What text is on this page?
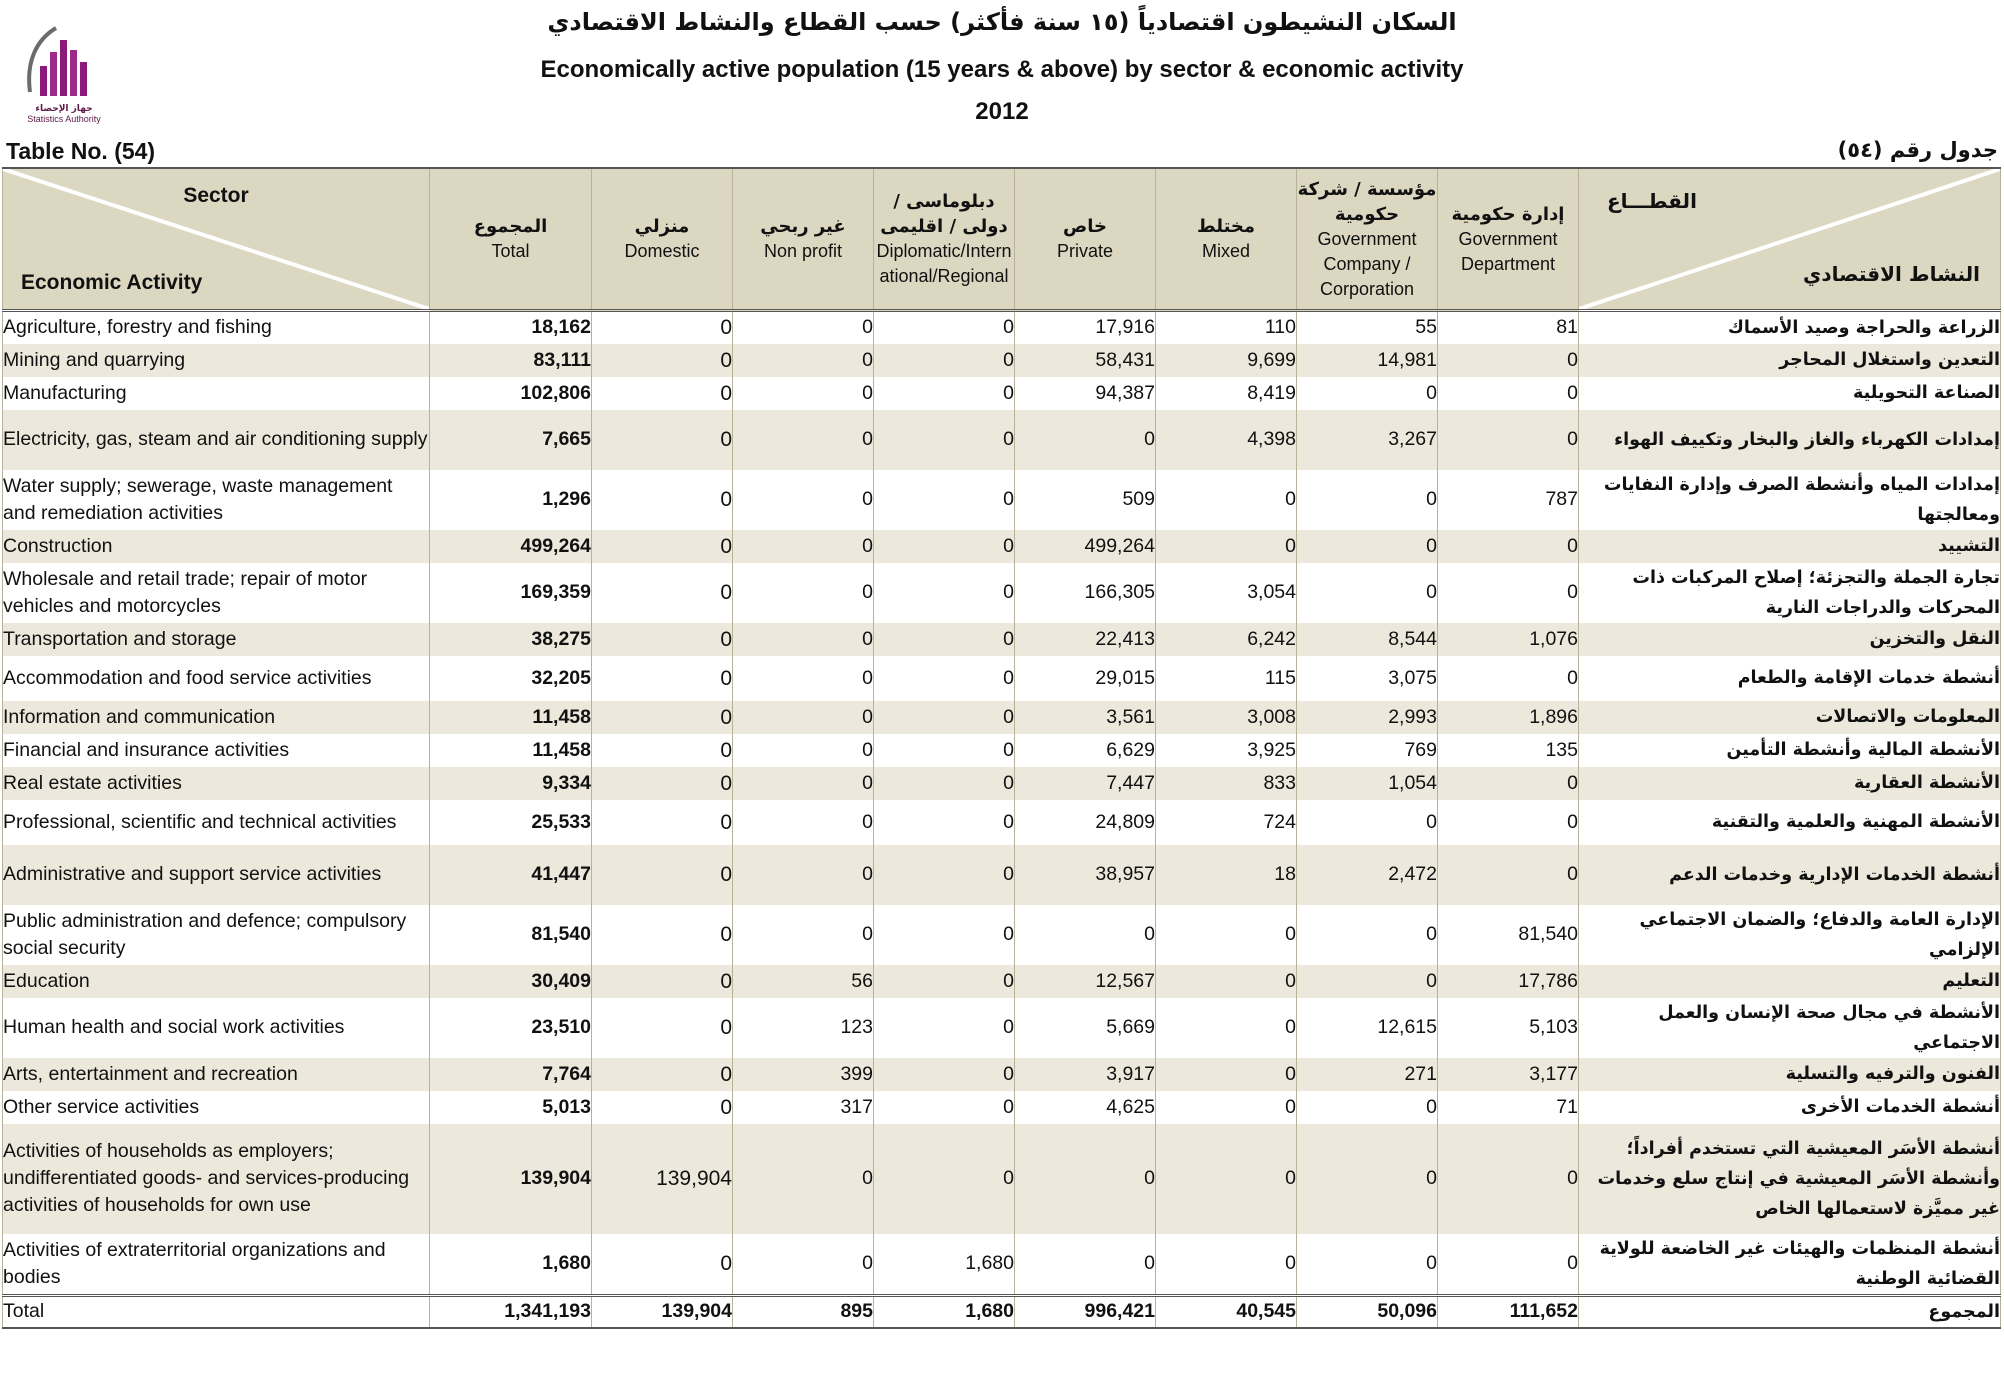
جهاز الإحصاء
Statistics Authority
السكان النشيطون اقتصادياً (١٥ سنة فأكثر) حسب القطاع والنشاط الاقتصادي
Economically active population (15 years & above) by sector & economic activity
2012
Table No. (54)	جدول رقم (٥٤)
Sector
Economic Activity	المجموع
Total	منزلي
Domestic	غير ربحي
Non profit	دبلوماسى / دولى / اقليمى
Diplomatic/International/Regional	خاص
Private	مختلط
Mixed	مؤسسة / شركة حكومية
Government Company / Corporation	إدارة حكومية
Government Department	القطـــاع
النشاط الاقتصادي

Agriculture, forestry and fishing	18,162	0	0	0	17,916	110	55	81	الزراعة والحراجة وصيد الأسماك
Mining and quarrying	83,111	0	0	0	58,431	9,699	14,981	0	التعدين واستغلال المحاجر
Manufacturing	102,806	0	0	0	94,387	8,419	0	0	الصناعة التحويلية
Electricity, gas, steam and air conditioning supply	7,665	0	0	0	0	4,398	3,267	0	إمدادات الكهرباء والغاز والبخار وتكييف الهواء
Water supply; sewerage, waste management and remediation activities	1,296	0	0	0	509	0	0	787	إمدادات المياه وأنشطة الصرف وإدارة النفايات ومعالجتها
Construction	499,264	0	0	0	499,264	0	0	0	التشييد
Wholesale and retail trade; repair of motor vehicles and motorcycles	169,359	0	0	0	166,305	3,054	0	0	تجارة الجملة والتجزئة؛ إصلاح المركبات ذات المحركات والدراجات النارية
Transportation and storage	38,275	0	0	0	22,413	6,242	8,544	1,076	النقل والتخزين
Accommodation and food service activities	32,205	0	0	0	29,015	115	3,075	0	أنشطة خدمات الإقامة والطعام
Information and communication	11,458	0	0	0	3,561	3,008	2,993	1,896	المعلومات والاتصالات
Financial and insurance activities	11,458	0	0	0	6,629	3,925	769	135	الأنشطة المالية وأنشطة التأمين
Real estate activities	9,334	0	0	0	7,447	833	1,054	0	الأنشطة العقارية
Professional, scientific and technical activities	25,533	0	0	0	24,809	724	0	0	الأنشطة المهنية والعلمية والتقنية
Administrative and support service activities	41,447	0	0	0	38,957	18	2,472	0	أنشطة الخدمات الإدارية وخدمات الدعم
Public administration and defence; compulsory social security	81,540	0	0	0	0	0	0	81,540	الإدارة العامة والدفاع؛ والضمان الاجتماعي الإلزامي
Education	30,409	0	56	0	12,567	0	0	17,786	التعليم
Human health and social work activities	23,510	0	123	0	5,669	0	12,615	5,103	الأنشطة في مجال صحة الإنسان والعمل الاجتماعي
Arts, entertainment and recreation	7,764	0	399	0	3,917	0	271	3,177	الفنون والترفيه والتسلية
Other service activities	5,013	0	317	0	4,625	0	0	71	أنشطة الخدمات الأخرى
Activities of households as employers; undifferentiated goods- and services-producing activities of households for own use	139,904	139,904	0	0	0	0	0	0	أنشطة الأسَر المعيشية التي تستخدم أفراداً؛ وأنشطة الأسَر المعيشية في إنتاج سلع وخدمات غير مميَّزة لاستعمالها الخاص
Activities of extraterritorial organizations and bodies	1,680	0	0	1,680	0	0	0	0	أنشطة المنظمات والهيئات غير الخاضعة للولاية القضائية الوطنية
Total	1,341,193	139,904	895	1,680	996,421	40,545	50,096	111,652	المجموع
